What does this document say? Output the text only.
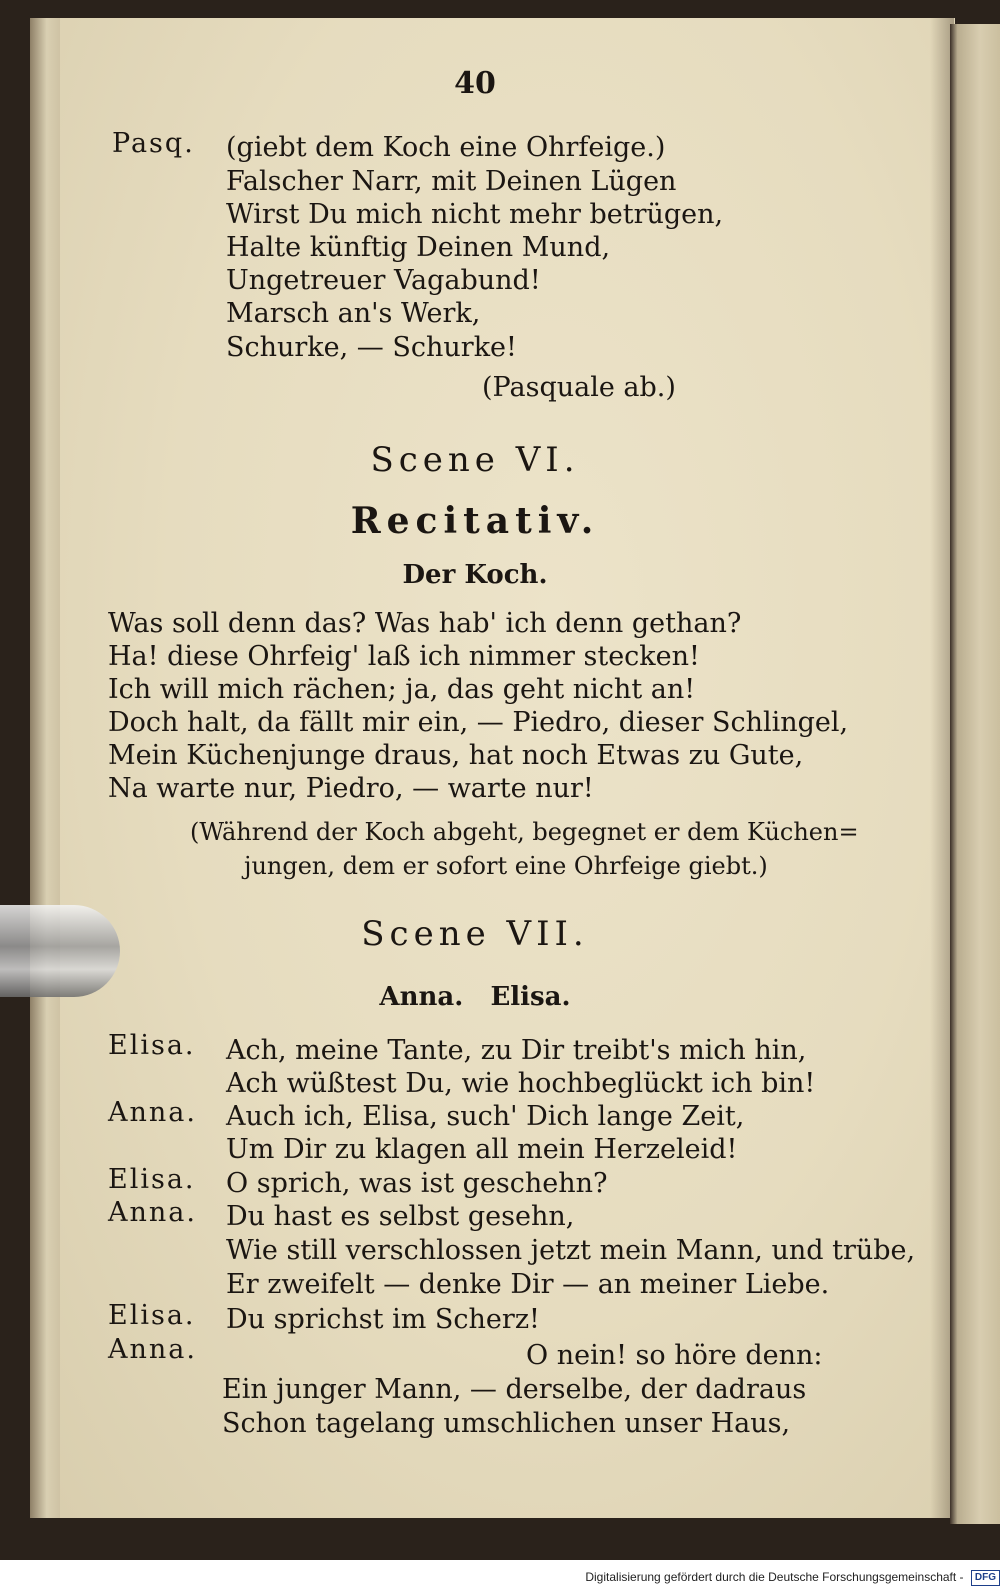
40
Pasq. (giebt dem Koch eine Ohrfeige.)
Falscher Narr, mit Deinen Lügen
Wirst Du mich nicht mehr betrügen,
Halte künftig Deinen Mund,
Ungetreuer Vagabund!
Marsch an's Werk,
Schurke, — Schurke!
(Pasquale ab.)
Scene VI.
Recitativ.
Der Koch.
Was soll denn das? Was hab' ich denn gethan?
Ha! diese Ohrfeig' laß ich nimmer stecken!
Ich will mich rächen; ja, das geht nicht an!
Doch halt, da fällt mir ein, — Piedro, dieser Schlingel,
Mein Küchenjunge draus, hat noch Etwas zu Gute,
Na warte nur, Piedro, — warte nur!
(Während der Koch abgeht, begegnet er dem Küchen=
jungen, dem er sofort eine Ohrfeige giebt.)
Scene VII.
Anna.   Elisa.
Elisa. Ach, meine Tante, zu Dir treibt's mich hin,
Ach wüßtest Du, wie hochbeglückt ich bin!
Anna. Auch ich, Elisa, such' Dich lange Zeit,
Um Dir zu klagen all mein Herzeleid!
Elisa. O sprich, was ist geschehn?
Anna. Du hast es selbst gesehn,
Wie still verschlossen jetzt mein Mann, und trübe,
Er zweifelt — denke Dir — an meiner Liebe.
Elisa. Du sprichst im Scherz!
Anna.	O nein! so höre denn:
Ein junger Mann, — derselbe, der dadraus
Schon tagelang umschlichen unser Haus,
Digitalisierung gefördert durch die Deutsche Forschungsgemeinschaft - DFG
